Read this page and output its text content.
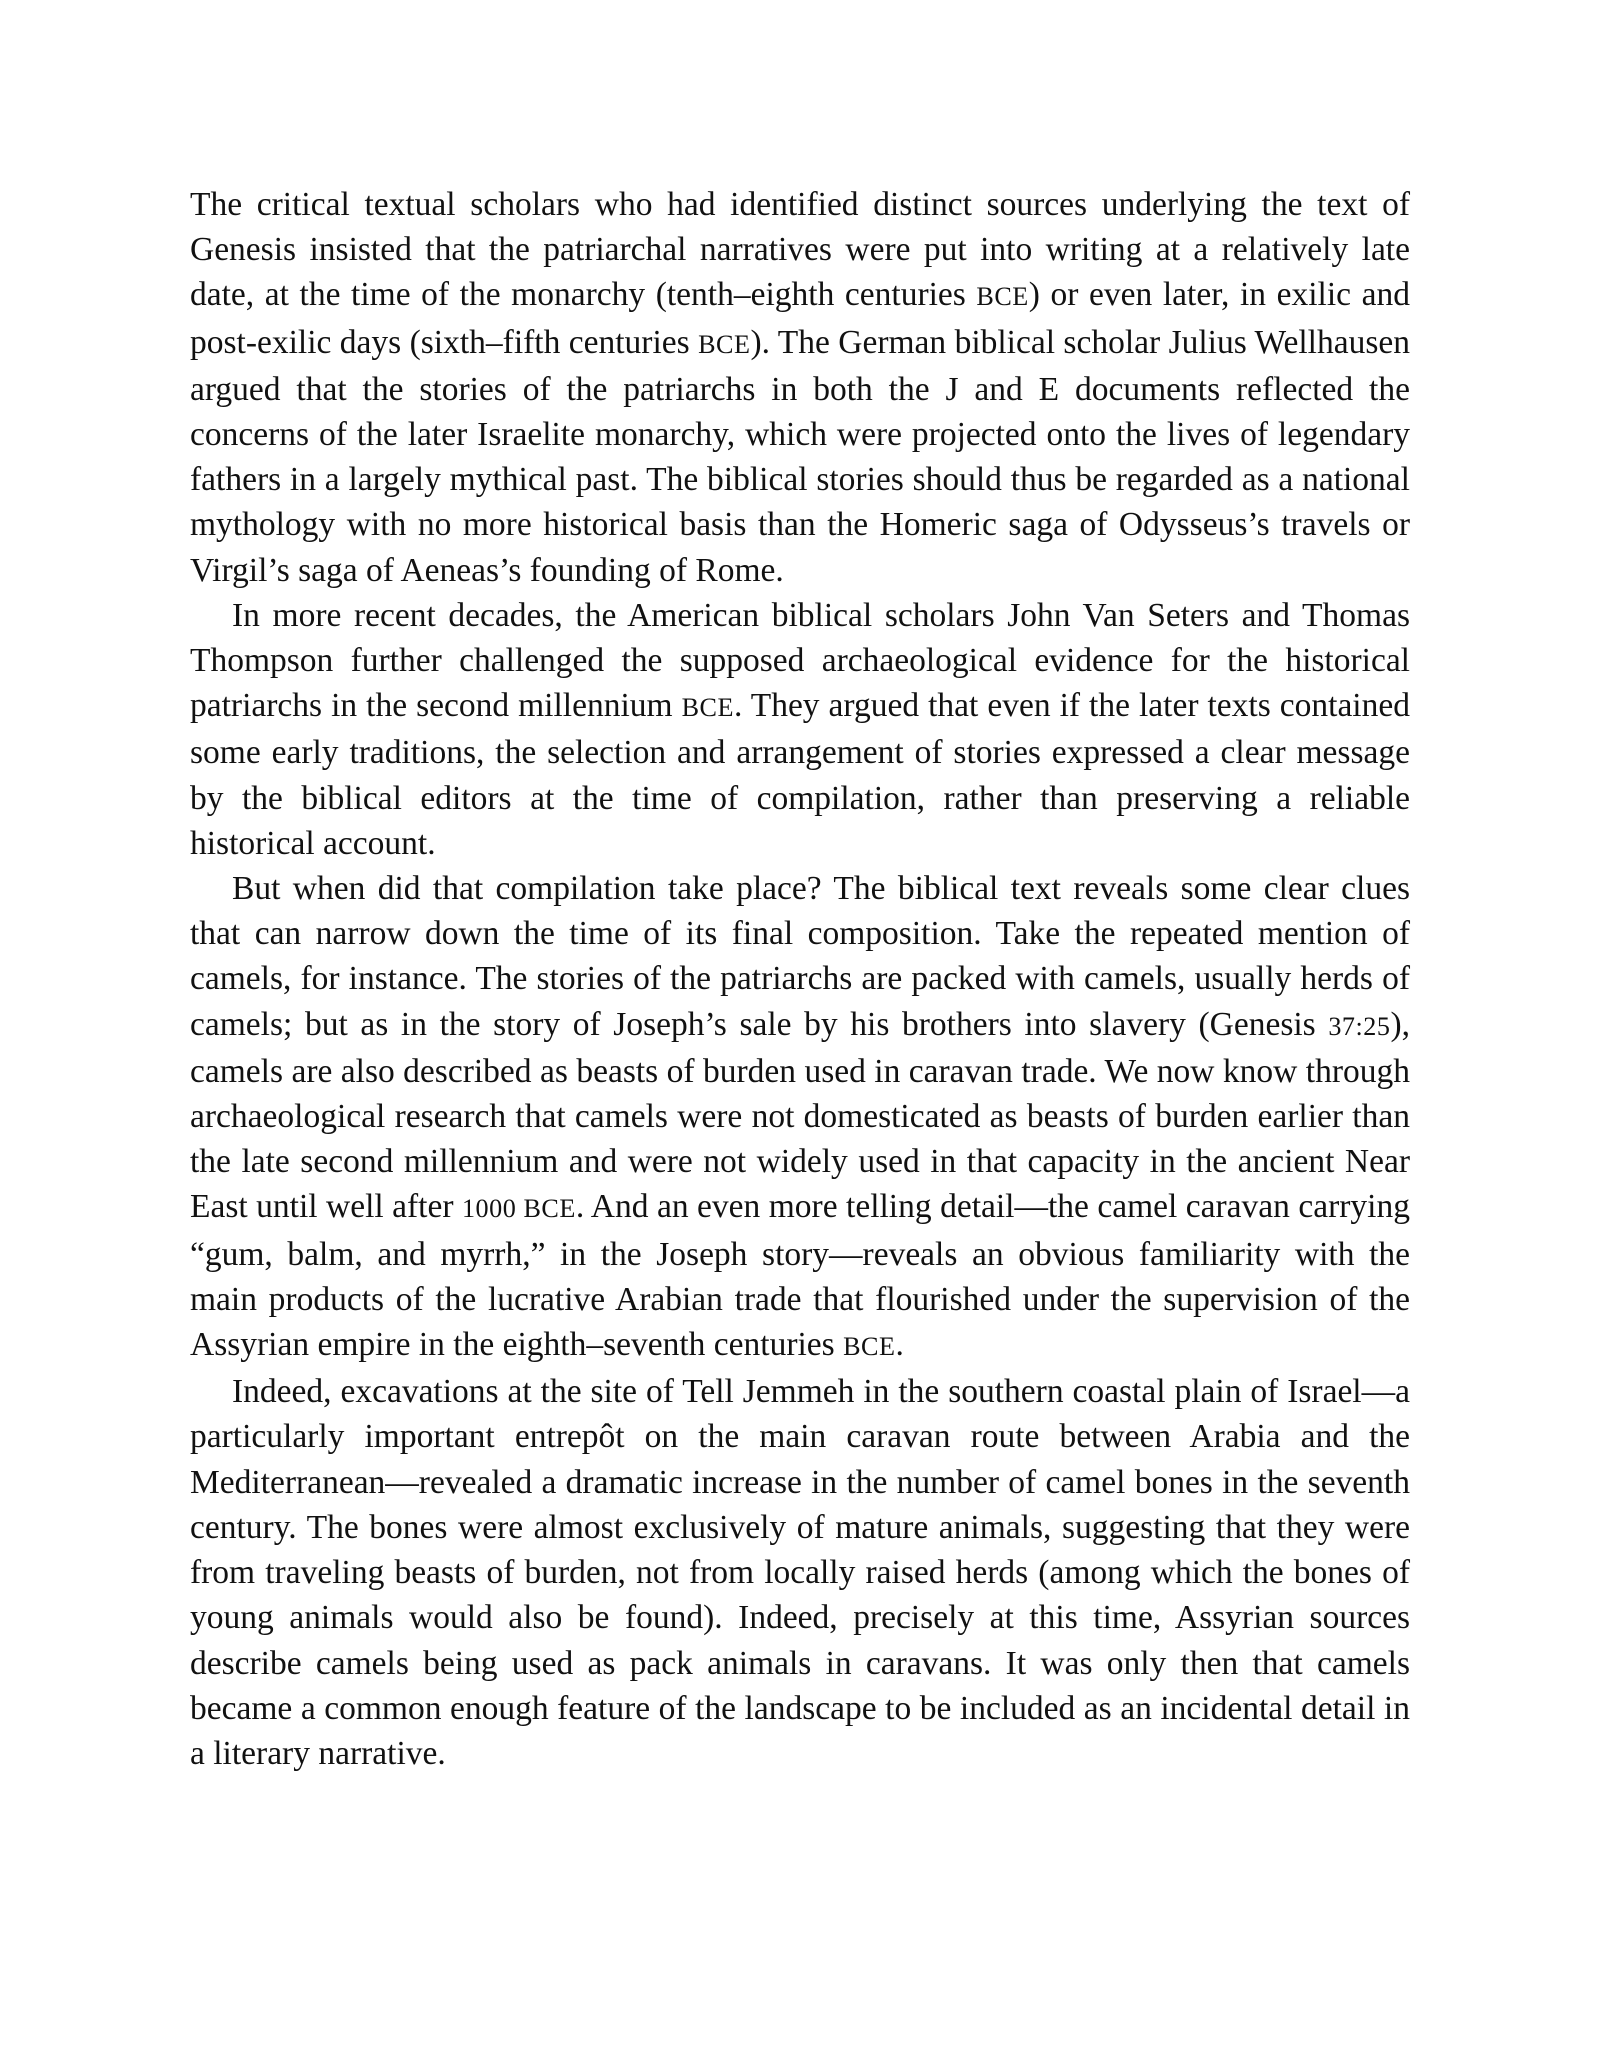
The critical textual scholars who had identified distinct sources underlying the text of Genesis insisted that the patriarchal narratives were put into writing at a relatively late date, at the time of the monarchy (tenth–eighth centuries BCE) or even later, in exilic and post-exilic days (sixth–fifth centuries BCE). The German biblical scholar Julius Wellhausen argued that the stories of the patriarchs in both the J and E documents reflected the concerns of the later Israelite monarchy, which were projected onto the lives of legendary fathers in a largely mythical past. The biblical stories should thus be regarded as a national mythology with no more historical basis than the Homeric saga of Odysseus’s travels or Virgil’s saga of Aeneas’s founding of Rome.

In more recent decades, the American biblical scholars John Van Seters and Thomas Thompson further challenged the supposed archaeological evidence for the historical patriarchs in the second millennium BCE. They argued that even if the later texts contained some early traditions, the selection and arrangement of stories expressed a clear message by the biblical editors at the time of compilation, rather than preserving a reliable historical account.

But when did that compilation take place? The biblical text reveals some clear clues that can narrow down the time of its final composition. Take the repeated mention of camels, for instance. The stories of the patriarchs are packed with camels, usually herds of camels; but as in the story of Joseph’s sale by his brothers into slavery (Genesis 37:25), camels are also described as beasts of burden used in caravan trade. We now know through archaeological research that camels were not domesticated as beasts of burden earlier than the late second millennium and were not widely used in that capacity in the ancient Near East until well after 1000 BCE. And an even more telling detail—the camel caravan carrying “gum, balm, and myrrh,” in the Joseph story—reveals an obvious familiarity with the main products of the lucrative Arabian trade that flourished under the supervision of the Assyrian empire in the eighth–seventh centuries BCE.

Indeed, excavations at the site of Tell Jemmeh in the southern coastal plain of Israel—a particularly important entrepôt on the main caravan route between Arabia and the Mediterranean—revealed a dramatic increase in the number of camel bones in the seventh century. The bones were almost exclusively of mature animals, suggesting that they were from traveling beasts of burden, not from locally raised herds (among which the bones of young animals would also be found). Indeed, precisely at this time, Assyrian sources describe camels being used as pack animals in caravans. It was only then that camels became a common enough feature of the landscape to be included as an incidental detail in a literary narrative.
